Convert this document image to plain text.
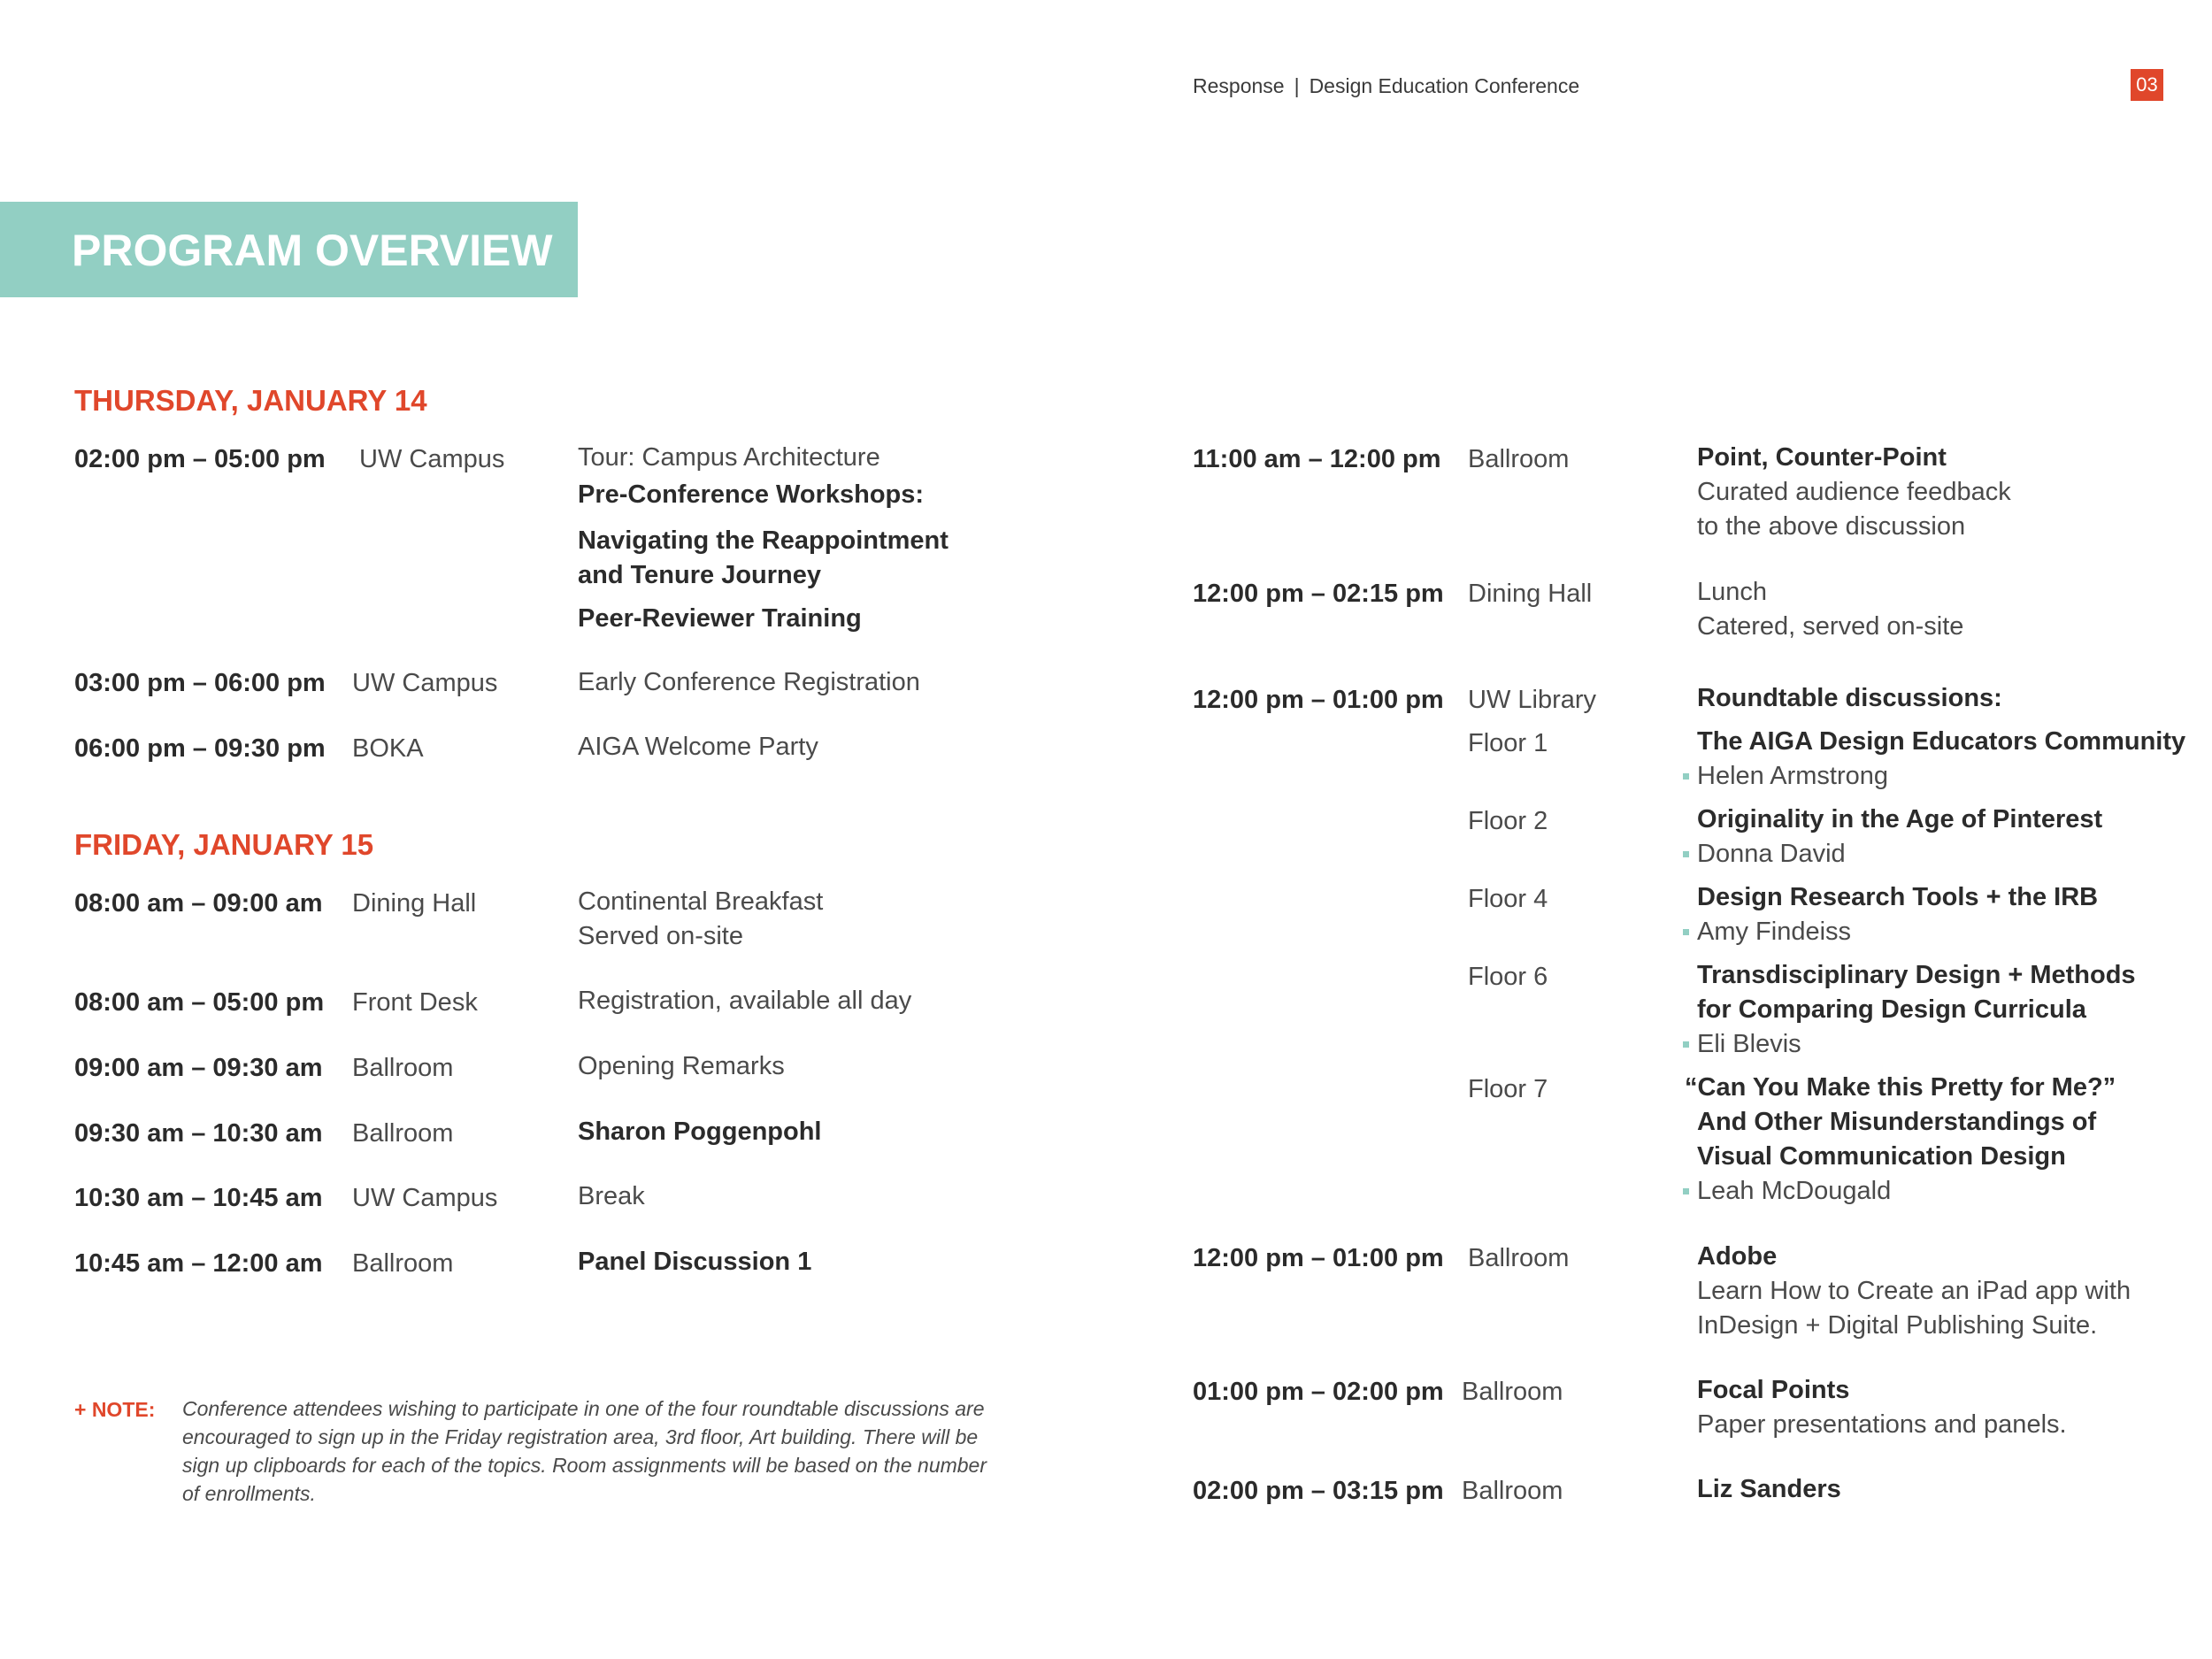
Response | Design Education Conference	03
PROGRAM OVERVIEW
THURSDAY, JANUARY 14
02:00 pm – 05:00 pm UW Campus	Tour: Campus Architecture
Pre-Conference Workshops:
Navigating the Reappointment
and Tenure Journey
Peer-Reviewer Training
03:00 pm – 06:00 pm UW Campus	Early Conference Registration
06:00 pm – 09:30 pm BOKA	AIGA Welcome Party
FRIDAY, JANUARY 15
08:00 am – 09:00 am Dining Hall	Continental Breakfast
Served on-site
08:00 am – 05:00 pm Front Desk	Registration, available all day
09:00 am – 09:30 am Ballroom	Opening Remarks
09:30 am – 10:30 am Ballroom	Sharon Poggenpohl
10:30 am – 10:45 am UW Campus	Break
10:45 am – 12:00 am Ballroom	Panel Discussion 1
+ NOTE: Conference attendees wishing to participate in one of the four roundtable discussions are encouraged to sign up in the Friday registration area, 3rd floor, Art building. There will be sign up clipboards for each of the topics. Room assignments will be based on the number of enrollments.
11:00 am – 12:00 pm Ballroom	Point, Counter-Point
Curated audience feedback
to the above discussion
12:00 pm – 02:15 pm Dining Hall	Lunch
Catered, served on-site
12:00 pm – 01:00 pm UW Library	Roundtable discussions:
Floor 1	The AIGA Design Educators Community
Helen Armstrong
Floor 2	Originality in the Age of Pinterest
Donna David
Floor 4	Design Research Tools + the IRB
Amy Findeiss
Floor 6	Transdisciplinary Design + Methods
for Comparing Design Curricula
Eli Blevis
Floor 7	“Can You Make this Pretty for Me?”
And Other Misunderstandings of
Visual Communication Design
Leah McDougald
12:00 pm – 01:00 pm Ballroom	Adobe
Learn How to Create an iPad app with
InDesign + Digital Publishing Suite.
01:00 pm – 02:00 pm Ballroom	Focal Points
Paper presentations and panels.
02:00 pm – 03:15 pm Ballroom	Liz Sanders
